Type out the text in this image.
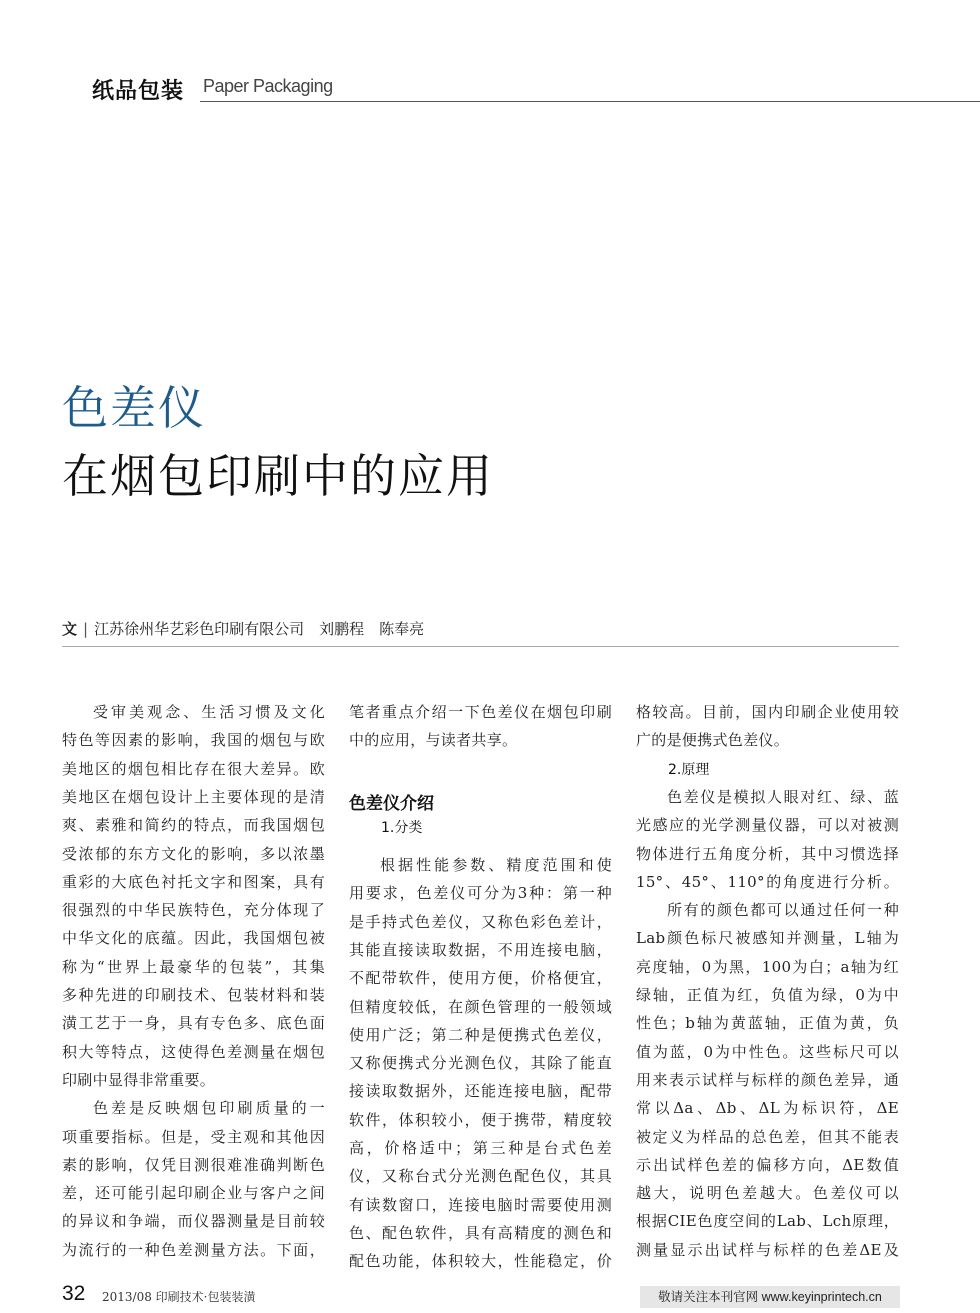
纸品包装 Paper Packaging
色差仪
在烟包印刷中的应用
文 | 江苏徐州华艺彩色印刷有限公司　 刘鹏程　陈奉亮
受审美观念、生活习惯及文化
特色等因素的影响，我国的烟包与欧
美地区的烟包相比存在很大差异。欧
美地区在烟包设计上主要体现的是清
爽、素雅和简约的特点，而我国烟包
受浓郁的东方文化的影响，多以浓墨
重彩的大底色衬托文字和图案，具有
很强烈的中华民族特色，充分体现了
中华文化的底蕴。因此，我国烟包被
称为“世界上最豪华的包装”，其集
多种先进的印刷技术、包装材料和装
潢工艺于一身，具有专色多、底色面
积大等特点，这使得色差测量在烟包
印刷中显得非常重要。
色差是反映烟包印刷质量的一
项重要指标。但是，受主观和其他因
素的影响，仅凭目测很难准确判断色
差，还可能引起印刷企业与客户之间
的异议和争端，而仪器测量是目前较
为流行的一种色差测量方法。下面，
笔者重点介绍一下色差仪在烟包印刷
中的应用，与读者共享。
色差仪介绍
1.分类
根据性能参数、精度范围和使
用要求，色差仪可分为3种：第一种
是手持式色差仪，又称色彩色差计，
其能直接读取数据，不用连接电脑，
不配带软件，使用方便，价格便宜，
但精度较低，在颜色管理的一般领域
使用广泛；第二种是便携式色差仪，
又称便携式分光测色仪，其除了能直
接读取数据外，还能连接电脑，配带
软件，体积较小，便于携带，精度较
高，价格适中；第三种是台式色差
仪，又称台式分光测色配色仪，其具
有读数窗口，连接电脑时需要使用测
色、配色软件，具有高精度的测色和
配色功能，体积较大，性能稳定，价
格较高。目前，国内印刷企业使用较
广的是便携式色差仪。
2.原理
色差仪是模拟人眼对红、绿、蓝
光感应的光学测量仪器，可以对被测
物体进行五角度分析，其中习惯选择
15°、45°、110°的角度进行分析。
所有的颜色都可以通过任何一种
Lab颜色标尺被感知并测量，L轴为
亮度轴，0为黑，100为白；a轴为红
绿轴，正值为红，负值为绿，0为中
性色；b轴为黄蓝轴，正值为黄，负
值为蓝，0为中性色。这些标尺可以
用来表示试样与标样的颜色差异，通
常以Δa、Δb、ΔL为标识符，ΔE
被定义为样品的总色差，但其不能表
示出试样色差的偏移方向，ΔE数值
越大，说明色差越大。色差仪可以
根据CIE色度空间的Lab、Lch原理，
测量显示出试样与标样的色差ΔE及
32 2013/08 印刷技术·包装装潢	敬请关注本刊官网 www.keyinprintech.cn
